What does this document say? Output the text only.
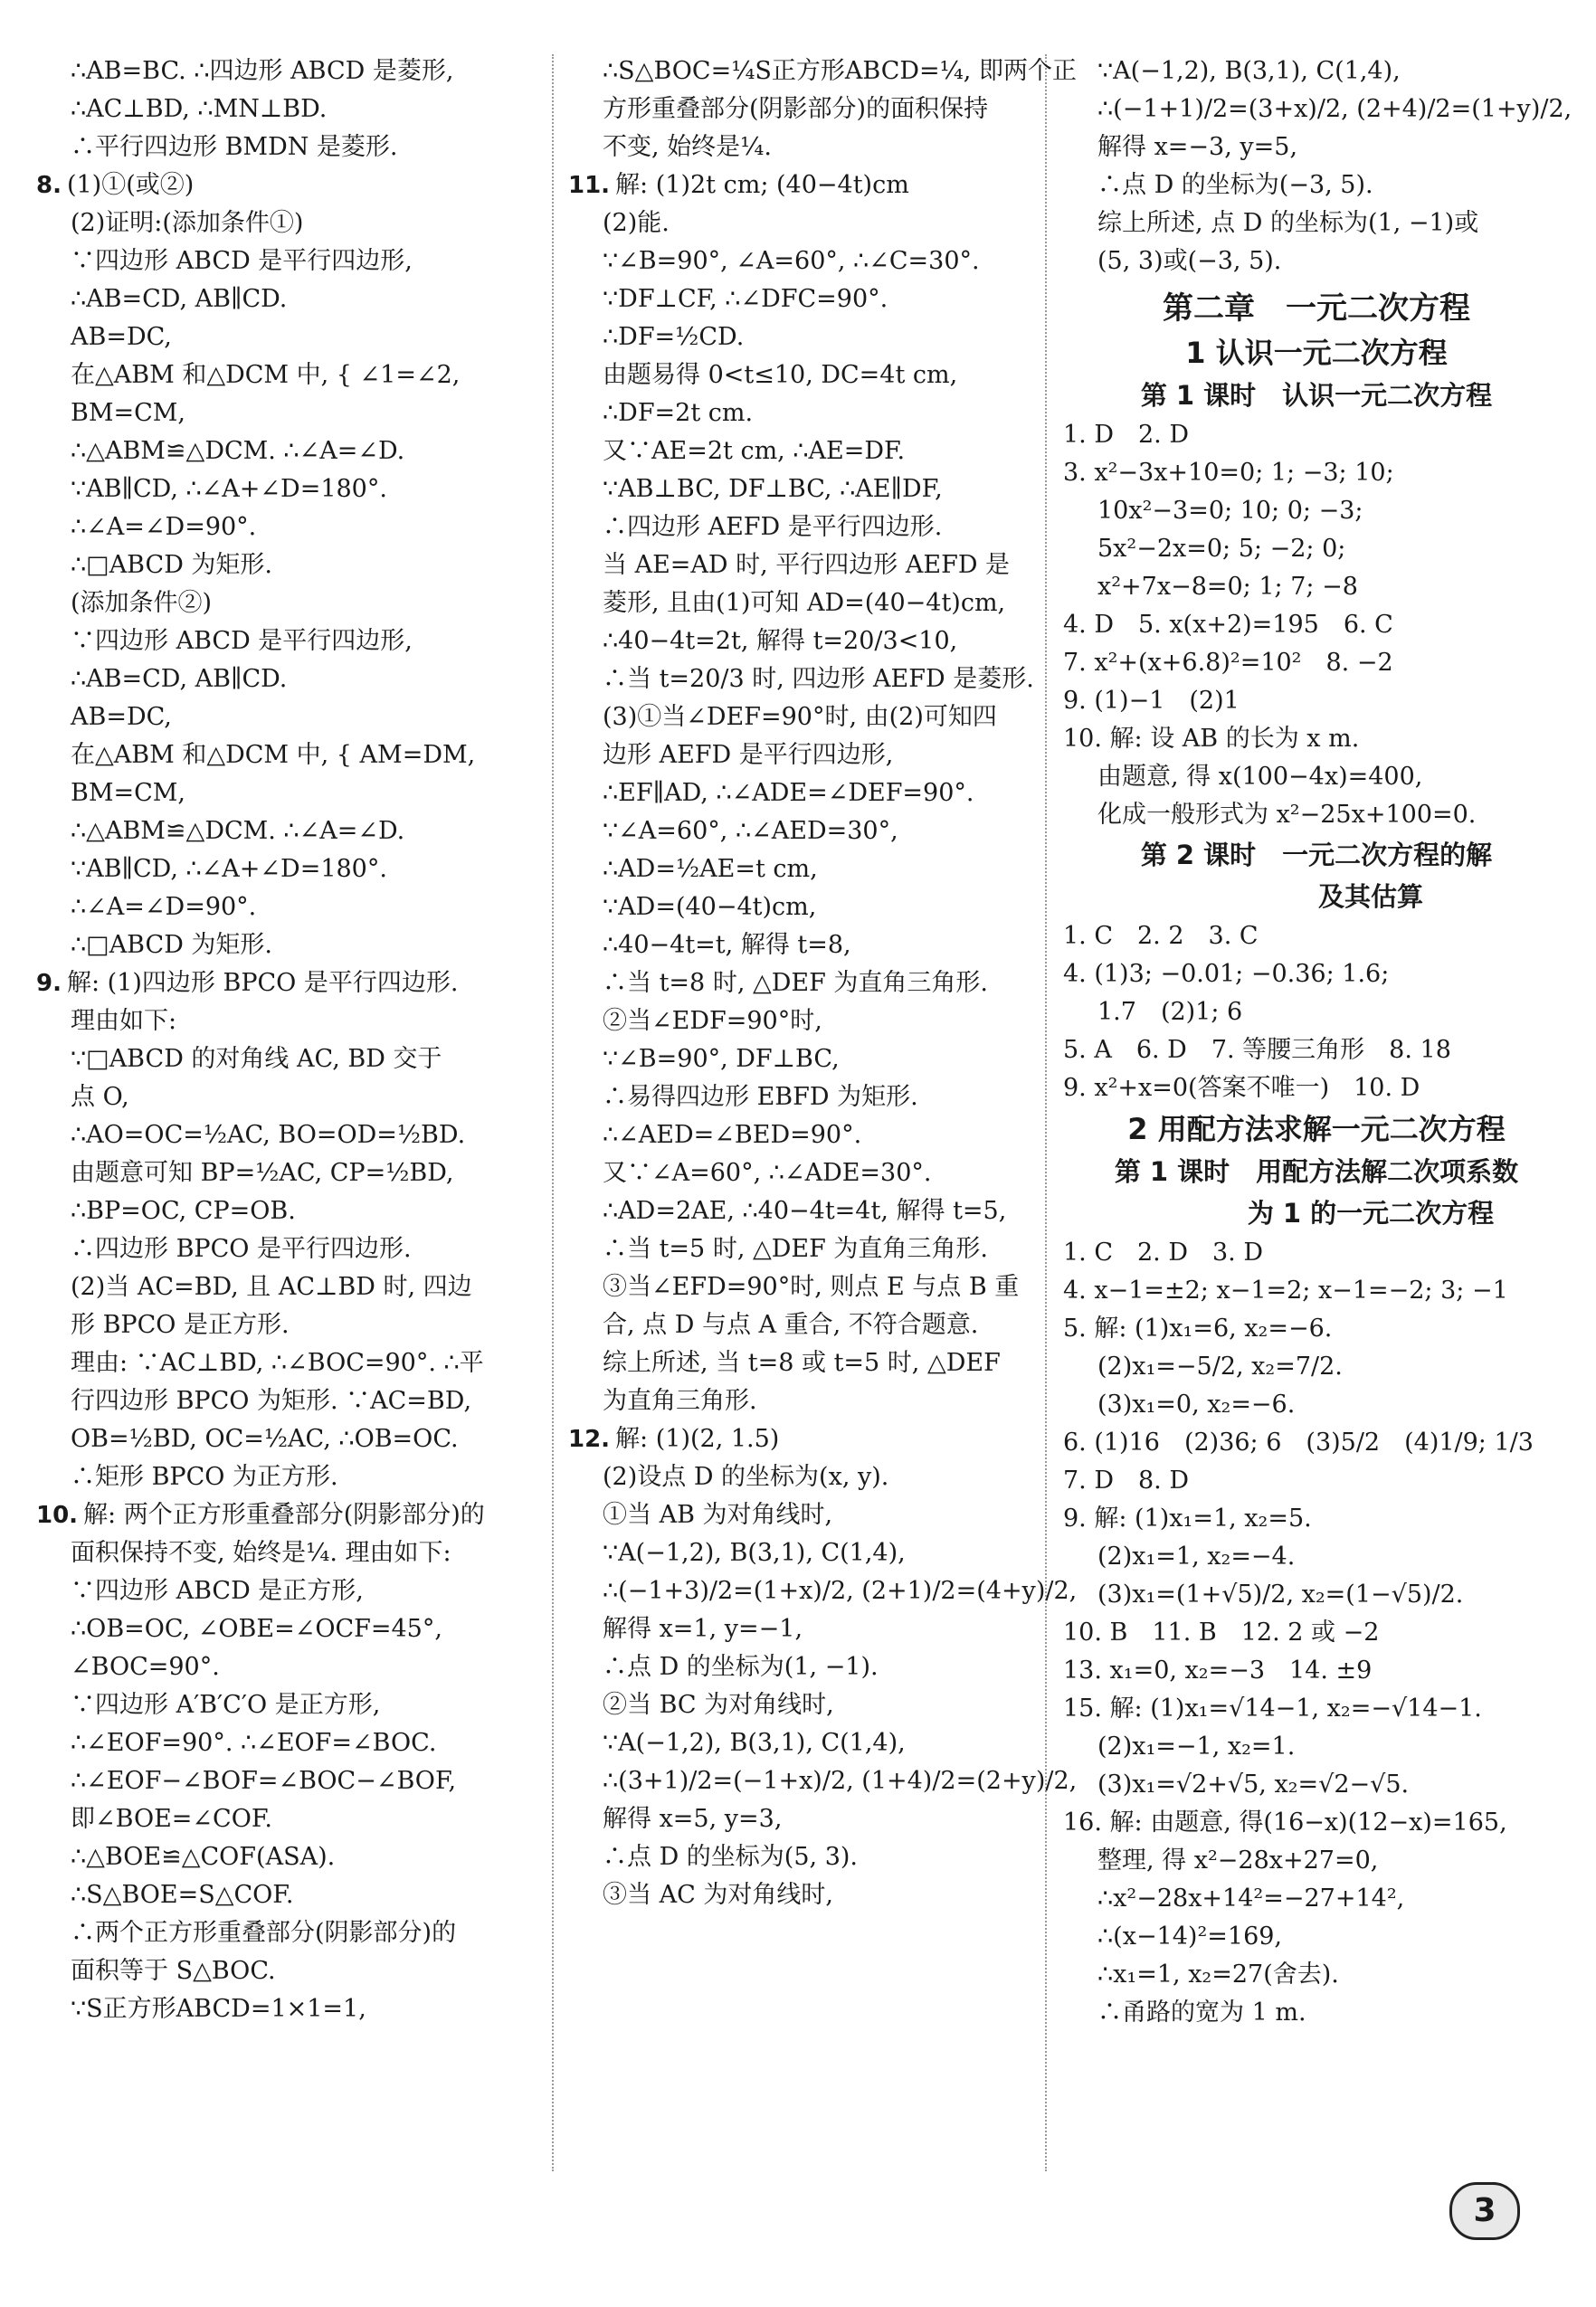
∴AB=BC. ∴四边形 ABCD 是菱形,
∴AC⊥BD, ∴MN⊥BD.
∴平行四边形 BMDN 是菱形.
8. (1)①(或②)
(2)证明:(添加条件①)
∵四边形 ABCD 是平行四边形,
∴AB=CD, AB∥CD.
AB=DC,
在△ABM 和△DCM 中, { ∠1=∠2,
BM=CM,
∴△ABM≌△DCM. ∴∠A=∠D.
∵AB∥CD, ∴∠A+∠D=180°.
∴∠A=∠D=90°.
∴□ABCD 为矩形.
(添加条件②)
∵四边形 ABCD 是平行四边形,
∴AB=CD, AB∥CD.
AB=DC,
在△ABM 和△DCM 中, { AM=DM,
BM=CM,
∴△ABM≌△DCM. ∴∠A=∠D.
∵AB∥CD, ∴∠A+∠D=180°.
∴∠A=∠D=90°.
∴□ABCD 为矩形.
9. 解: (1)四边形 BPCO 是平行四边形.
理由如下:
∵□ABCD 的对角线 AC, BD 交于
点 O,
∴AO=OC=½AC, BO=OD=½BD.
由题意可知 BP=½AC, CP=½BD,
∴BP=OC, CP=OB.
∴四边形 BPCO 是平行四边形.
(2)当 AC=BD, 且 AC⊥BD 时, 四边
形 BPCO 是正方形.
理由: ∵AC⊥BD, ∴∠BOC=90°. ∴平
行四边形 BPCO 为矩形. ∵AC=BD,
OB=½BD, OC=½AC, ∴OB=OC.
∴矩形 BPCO 为正方形.
10. 解: 两个正方形重叠部分(阴影部分)的
面积保持不变, 始终是¼. 理由如下:
∵四边形 ABCD 是正方形,
∴OB=OC, ∠OBE=∠OCF=45°,
∠BOC=90°.
∵四边形 A′B′C′O 是正方形,
∴∠EOF=90°. ∴∠EOF=∠BOC.
∴∠EOF−∠BOF=∠BOC−∠BOF,
即∠BOE=∠COF.
∴△BOE≌△COF(ASA).
∴S△BOE=S△COF.
∴两个正方形重叠部分(阴影部分)的
面积等于 S△BOC.
∵S正方形ABCD=1×1=1,
∴S△BOC=¼S正方形ABCD=¼, 即两个正
方形重叠部分(阴影部分)的面积保持
不变, 始终是¼.
11. 解: (1)2t cm; (40−4t)cm
(2)能.
∵∠B=90°, ∠A=60°, ∴∠C=30°.
∵DF⊥CF, ∴∠DFC=90°.
∴DF=½CD.
由题易得 0<t≤10, DC=4t cm,
∴DF=2t cm.
又∵AE=2t cm, ∴AE=DF.
∵AB⊥BC, DF⊥BC, ∴AE∥DF,
∴四边形 AEFD 是平行四边形.
当 AE=AD 时, 平行四边形 AEFD 是
菱形, 且由(1)可知 AD=(40−4t)cm,
∴40−4t=2t, 解得 t=20/3<10,
∴当 t=20/3 时, 四边形 AEFD 是菱形.
(3)①当∠DEF=90°时, 由(2)可知四
边形 AEFD 是平行四边形,
∴EF∥AD, ∴∠ADE=∠DEF=90°.
∵∠A=60°, ∴∠AED=30°,
∴AD=½AE=t cm,
∵AD=(40−4t)cm,
∴40−4t=t, 解得 t=8,
∴当 t=8 时, △DEF 为直角三角形.
②当∠EDF=90°时,
∵∠B=90°, DF⊥BC,
∴易得四边形 EBFD 为矩形.
∴∠AED=∠BED=90°.
又∵∠A=60°, ∴∠ADE=30°.
∴AD=2AE, ∴40−4t=4t, 解得 t=5,
∴当 t=5 时, △DEF 为直角三角形.
③当∠EFD=90°时, 则点 E 与点 B 重
合, 点 D 与点 A 重合, 不符合题意.
综上所述, 当 t=8 或 t=5 时, △DEF
为直角三角形.
12. 解: (1)(2, 1.5)
(2)设点 D 的坐标为(x, y).
①当 AB 为对角线时,
∵A(−1,2), B(3,1), C(1,4),
∴(−1+3)/2=(1+x)/2, (2+1)/2=(4+y)/2,
解得 x=1, y=−1,
∴点 D 的坐标为(1, −1).
②当 BC 为对角线时,
∵A(−1,2), B(3,1), C(1,4),
∴(3+1)/2=(−1+x)/2, (1+4)/2=(2+y)/2,
解得 x=5, y=3,
∴点 D 的坐标为(5, 3).
③当 AC 为对角线时,
∵A(−1,2), B(3,1), C(1,4),
∴(−1+1)/2=(3+x)/2, (2+4)/2=(1+y)/2,
解得 x=−3, y=5,
∴点 D 的坐标为(−3, 5).
综上所述, 点 D 的坐标为(1, −1)或
(5, 3)或(−3, 5).
第二章　一元二次方程
1 认识一元二次方程
第 1 课时　认识一元二次方程
1. D　2. D
3. x²−3x+10=0; 1; −3; 10;
10x²−3=0; 10; 0; −3;
5x²−2x=0; 5; −2; 0;
x²+7x−8=0; 1; 7; −8
4. D　5. x(x+2)=195　6. C
7. x²+(x+6.8)²=10²　8. −2
9. (1)−1　(2)1
10. 解: 设 AB 的长为 x m.
由题意, 得 x(100−4x)=400,
化成一般形式为 x²−25x+100=0.
第 2 课时　一元二次方程的解
及其估算
1. C　2. 2　3. C
4. (1)3; −0.01; −0.36; 1.6;
1.7　(2)1; 6
5. A　6. D　7. 等腰三角形　8. 18
9. x²+x=0(答案不唯一)　10. D
2 用配方法求解一元二次方程
第 1 课时　用配方法解二次项系数
为 1 的一元二次方程
1. C　2. D　3. D
4. x−1=±2; x−1=2; x−1=−2; 3; −1
5. 解: (1)x₁=6, x₂=−6.
(2)x₁=−5/2, x₂=7/2.
(3)x₁=0, x₂=−6.
6. (1)16　(2)36; 6　(3)5/2　(4)1/9; 1/3
7. D　8. D
9. 解: (1)x₁=1, x₂=5.
(2)x₁=1, x₂=−4.
(3)x₁=(1+√5)/2, x₂=(1−√5)/2.
10. B　11. B　12. 2 或 −2
13. x₁=0, x₂=−3　14. ±9
15. 解: (1)x₁=√14−1, x₂=−√14−1.
(2)x₁=−1, x₂=1.
(3)x₁=√2+√5, x₂=√2−√5.
16. 解: 由题意, 得(16−x)(12−x)=165,
整理, 得 x²−28x+27=0,
∴x²−28x+14²=−27+14²,
∴(x−14)²=169,
∴x₁=1, x₂=27(舍去).
∴甬路的宽为 1 m.
3
